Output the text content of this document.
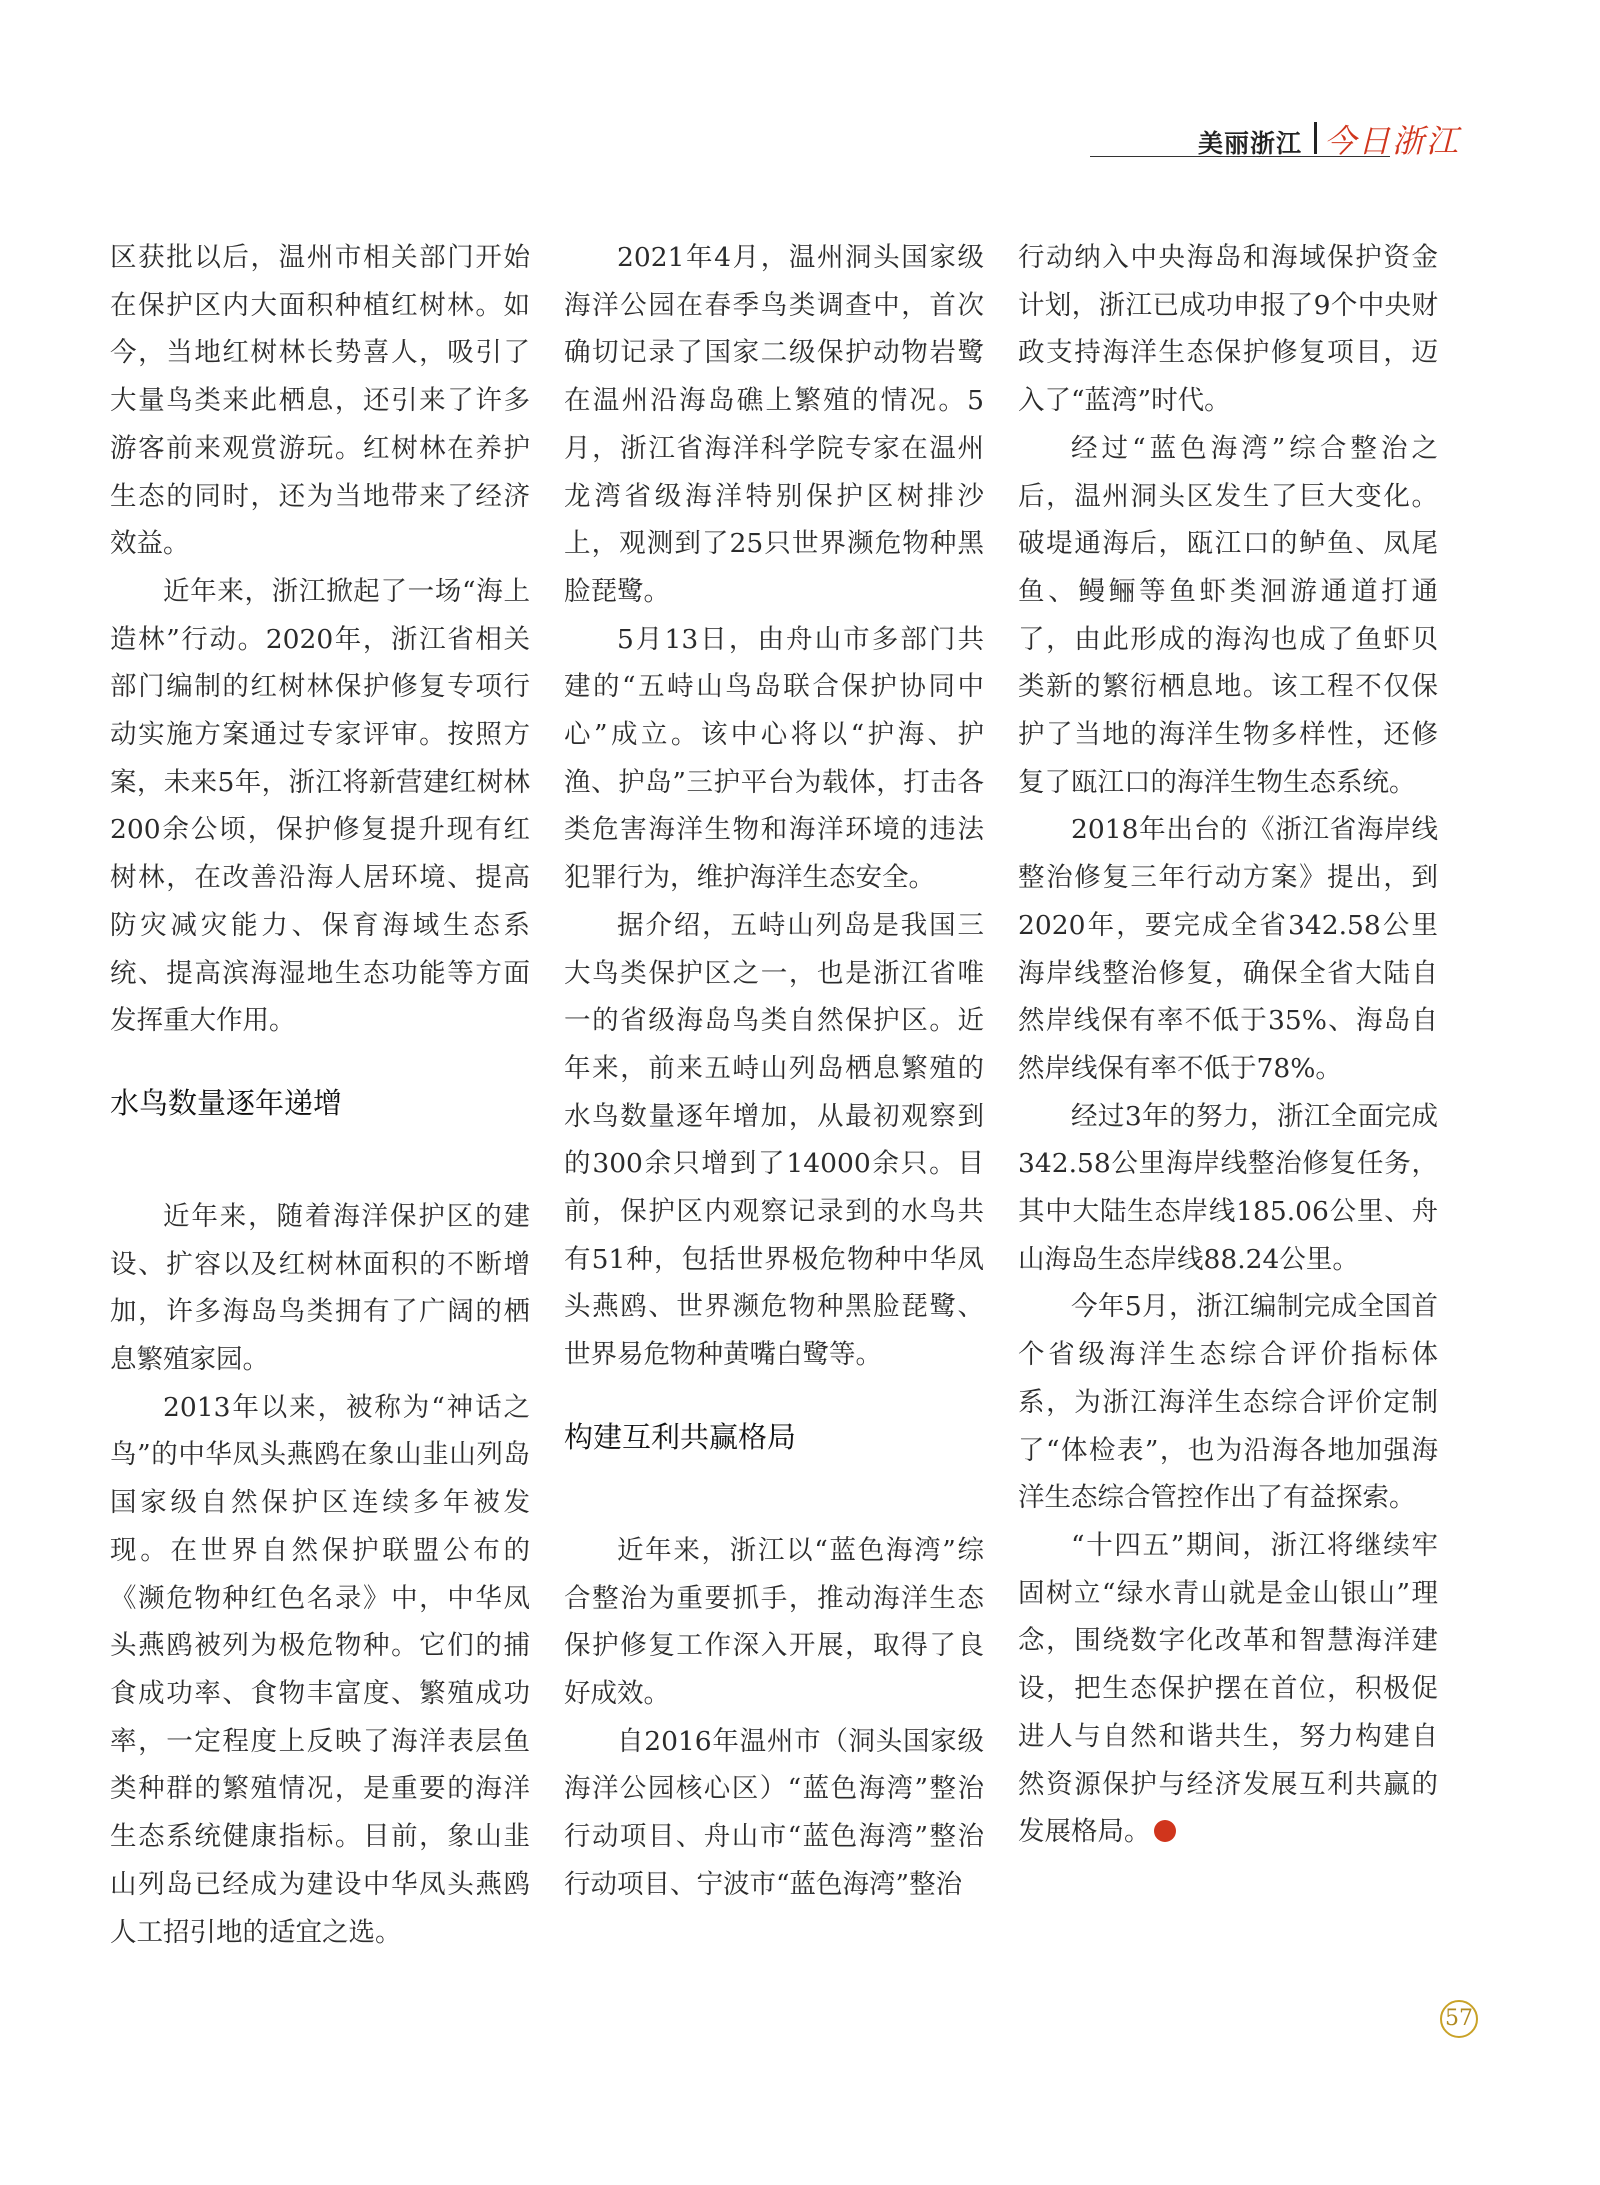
美丽浙江 今日浙江

区获批以后，温州市相关部门开始在保护区内大面积种植红树林。如今，当地红树林长势喜人，吸引了大量鸟类来此栖息，还引来了许多游客前来观赏游玩。红树林在养护生态的同时，还为当地带来了经济效益。

近年来，浙江掀起了一场“海上造林”行动。2020年，浙江省相关部门编制的红树林保护修复专项行动实施方案通过专家评审。按照方案，未来5年，浙江将新营建红树林200余公顷，保护修复提升现有红树林，在改善沿海人居环境、提高防灾减灾能力、保育海域生态系统、提高滨海湿地生态功能等方面发挥重大作用。

水鸟数量逐年递增

近年来，随着海洋保护区的建设、扩容以及红树林面积的不断增加，许多海岛鸟类拥有了广阔的栖息繁殖家园。

2013年以来，被称为“神话之鸟”的中华凤头燕鸥在象山韭山列岛国家级自然保护区连续多年被发现。在世界自然保护联盟公布的《濒危物种红色名录》中，中华凤头燕鸥被列为极危物种。它们的捕食成功率、食物丰富度、繁殖成功率，一定程度上反映了海洋表层鱼类种群的繁殖情况，是重要的海洋生态系统健康指标。目前，象山韭山列岛已经成为建设中华凤头燕鸥人工招引地的适宜之选。

2021年4月，温州洞头国家级海洋公园在春季鸟类调查中，首次确切记录了国家二级保护动物岩鹭在温州沿海岛礁上繁殖的情况。5月，浙江省海洋科学院专家在温州龙湾省级海洋特别保护区树排沙上，观测到了25只世界濒危物种黑脸琵鹭。

5月13日，由舟山市多部门共建的“五峙山鸟岛联合保护协同中心”成立。该中心将以“护海、护渔、护岛”三护平台为载体，打击各类危害海洋生物和海洋环境的违法犯罪行为，维护海洋生态安全。

据介绍，五峙山列岛是我国三大鸟类保护区之一，也是浙江省唯一的省级海岛鸟类自然保护区。近年来，前来五峙山列岛栖息繁殖的水鸟数量逐年增加，从最初观察到的300余只增到了14000余只。目前，保护区内观察记录到的水鸟共有51种，包括世界极危物种中华凤头燕鸥、世界濒危物种黑脸琵鹭、世界易危物种黄嘴白鹭等。

构建互利共赢格局

近年来，浙江以“蓝色海湾”综合整治为重要抓手，推动海洋生态保护修复工作深入开展，取得了良好成效。

自2016年温州市（洞头国家级海洋公园核心区）“蓝色海湾”整治行动项目、舟山市“蓝色海湾”整治行动项目、宁波市“蓝色海湾”整治

行动纳入中央海岛和海域保护资金计划，浙江已成功申报了9个中央财政支持海洋生态保护修复项目，迈入了“蓝湾”时代。

经过“蓝色海湾”综合整治之后，温州洞头区发生了巨大变化。破堤通海后，瓯江口的鲈鱼、凤尾鱼、鳗鲡等鱼虾类洄游通道打通了，由此形成的海沟也成了鱼虾贝类新的繁衍栖息地。该工程不仅保护了当地的海洋生物多样性，还修复了瓯江口的海洋生物生态系统。

2018年出台的《浙江省海岸线整治修复三年行动方案》提出，到2020年，要完成全省342.58公里海岸线整治修复，确保全省大陆自然岸线保有率不低于35%、海岛自然岸线保有率不低于78%。

经过3年的努力，浙江全面完成342.58公里海岸线整治修复任务，其中大陆生态岸线185.06公里、舟山海岛生态岸线88.24公里。

今年5月，浙江编制完成全国首个省级海洋生态综合评价指标体系，为浙江海洋生态综合评价定制了“体检表”，也为沿海各地加强海洋生态综合管控作出了有益探索。

“十四五”期间，浙江将继续牢固树立“绿水青山就是金山银山”理念，围绕数字化改革和智慧海洋建设，把生态保护摆在首位，积极促进人与自然和谐共生，努力构建自然资源保护与经济发展互利共赢的发展格局。

57
